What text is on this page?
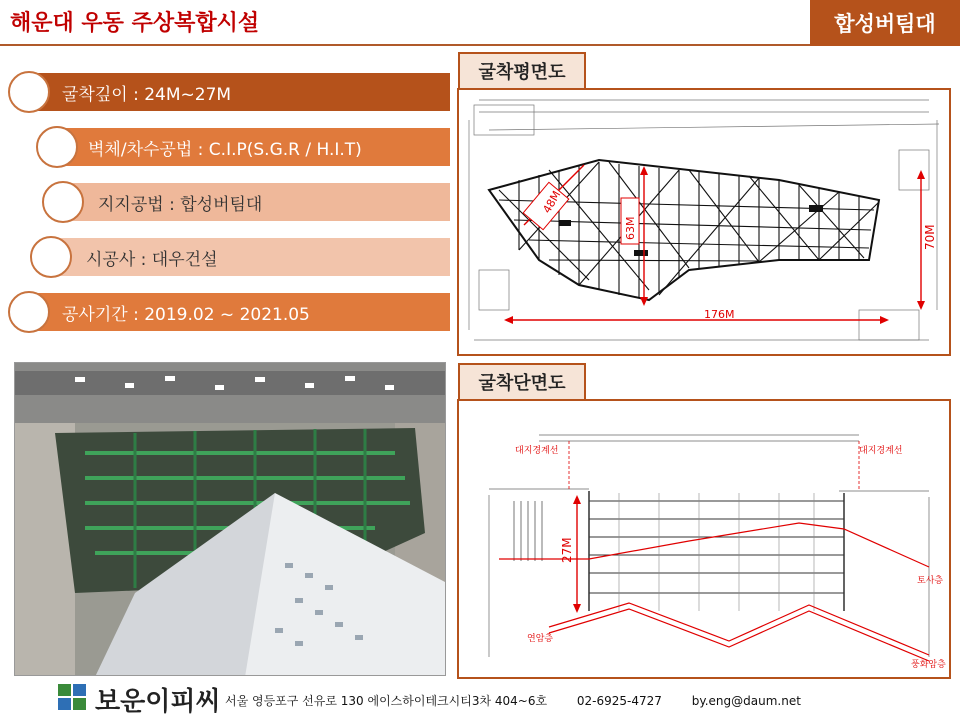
해운대 우동 주상복합시설	합성버팀대
굴착깊이 : 24M~27M
벽체/차수공법 : C.I.P(S.G.R / H.I.T)
지지공법 : 합성버팀대
시공사 : 대우건설
공사기간 : 2019.02 ~ 2021.05
굴착평면도
48M
63M	70M
176M
굴착단면도
대지경계선	대지경계선
27M
토사층
연암층
풍화암층
보운이피씨 서울 영등포구 선유로 130 에이스하이테크시티3차 404~6호 02-6925-4727 by.eng@daum.net
